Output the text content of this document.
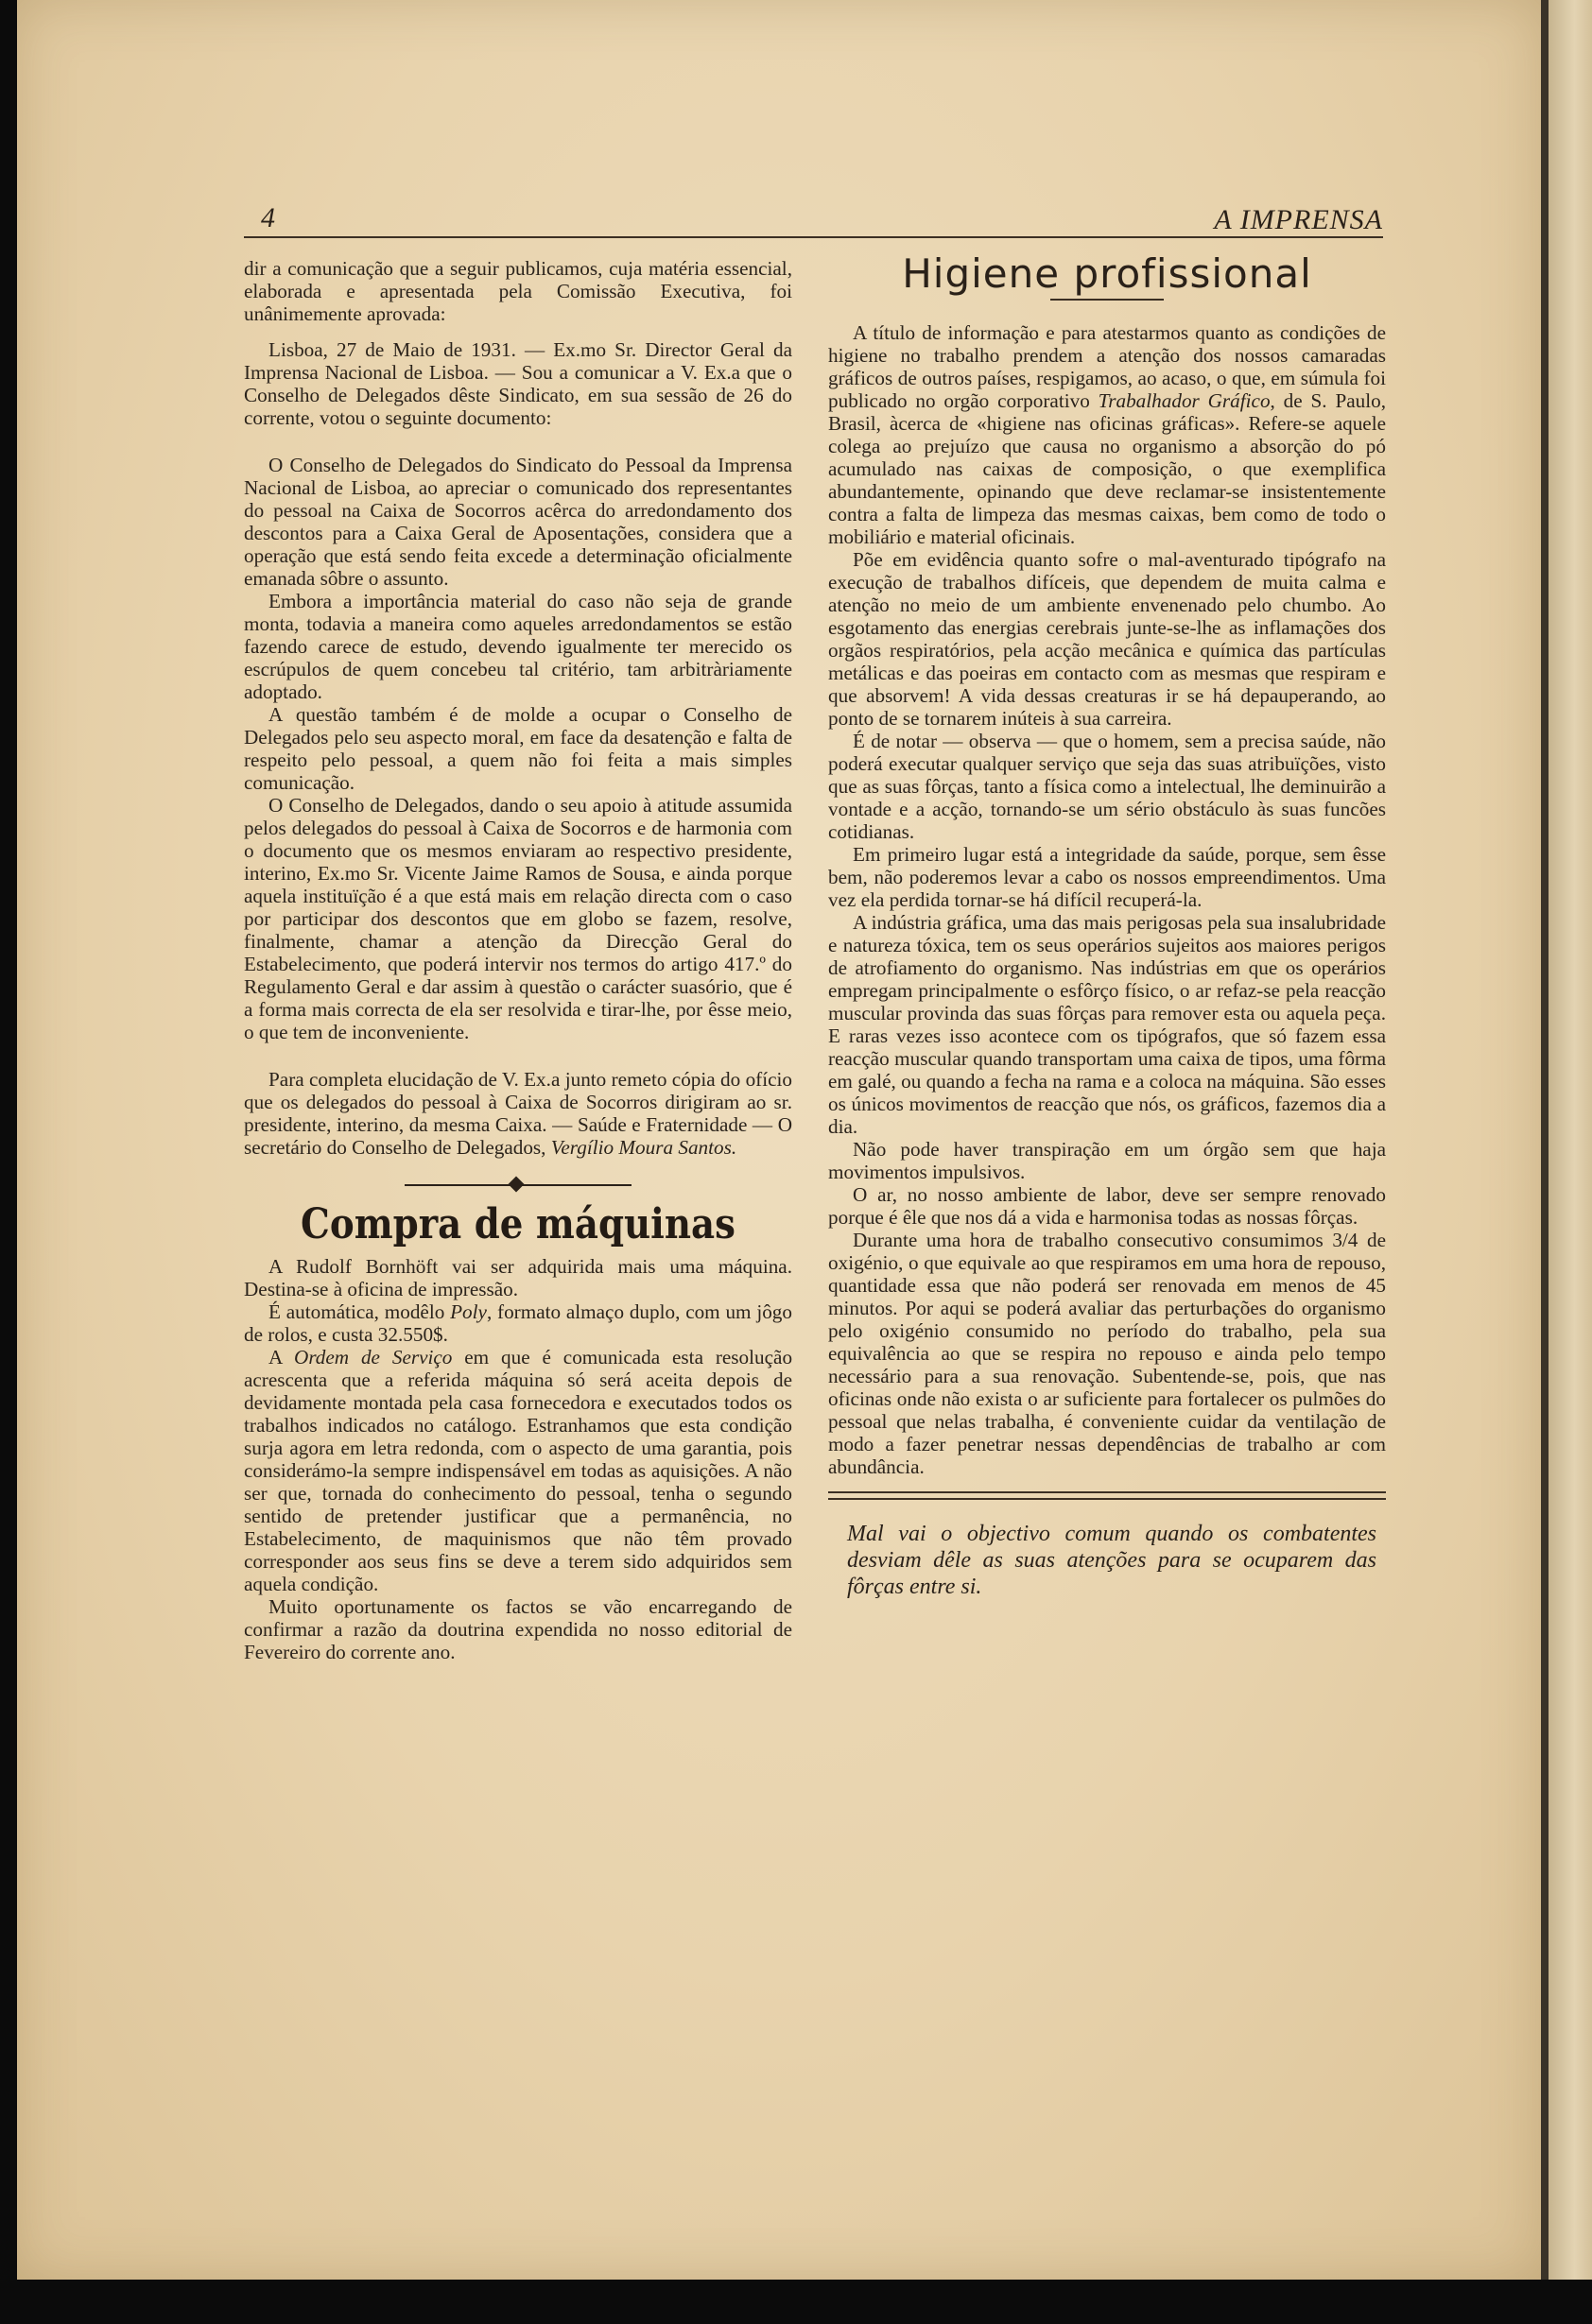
4	A IMPRENSA

dir a comunicação que a seguir publicamos, cuja matéria essencial, elaborada e apresentada pela Comissão Executiva, foi unânimemente aprovada:

Lisboa, 27 de Maio de 1931. — Ex.mo Sr. Director Geral da Imprensa Nacional de Lisboa. — Sou a comunicar a V. Ex.a que o Conselho de Delegados dêste Sindicato, em sua sessão de 26 do corrente, votou o seguinte documento:

O Conselho de Delegados do Sindicato do Pessoal da Imprensa Nacional de Lisboa, ao apreciar o comunicado dos representantes do pessoal na Caixa de Socorros acêrca do arredondamento dos descontos para a Caixa Geral de Aposentações, considera que a operação que está sendo feita excede a determinação oficialmente emanada sôbre o assunto.

Embora a importância material do caso não seja de grande monta, todavia a maneira como aqueles arredondamentos se estão fazendo carece de estudo, devendo igualmente ter merecido os escrúpulos de quem concebeu tal critério, tam arbitràriamente adoptado.

A questão também é de molde a ocupar o Conselho de Delegados pelo seu aspecto moral, em face da desatenção e falta de respeito pelo pessoal, a quem não foi feita a mais simples comunicação.

O Conselho de Delegados, dando o seu apoio à atitude assumida pelos delegados do pessoal à Caixa de Socorros e de harmonia com o documento que os mesmos enviaram ao respectivo presidente, interino, Ex.mo Sr. Vicente Jaime Ramos de Sousa, e ainda porque aquela instituïção é a que está mais em relação directa com o caso por participar dos descontos que em globo se fazem, resolve, finalmente, chamar a atenção da Direcção Geral do Estabelecimento, que poderá intervir nos termos do artigo 417.º do Regulamento Geral e dar assim à questão o carácter suasório, que é a forma mais correcta de ela ser resolvida e tirar-lhe, por êsse meio, o que tem de inconveniente.

Para completa elucidação de V. Ex.a junto remeto cópia do ofício que os delegados do pessoal à Caixa de Socorros dirigiram ao sr. presidente, interino, da mesma Caixa. — Saúde e Fraternidade — O secretário do Conselho de Delegados, Vergílio Moura Santos.

Compra de máquinas

A Rudolf Bornhöft vai ser adquirida mais uma máquina. Destina-se à oficina de impressão.

É automática, modêlo Poly, formato almaço duplo, com um jôgo de rolos, e custa 32.550$.

A Ordem de Serviço em que é comunicada esta resolução acrescenta que a referida máquina só será aceita depois de devidamente montada pela casa fornecedora e executados todos os trabalhos indicados no catálogo. Estranhamos que esta condição surja agora em letra redonda, com o aspecto de uma garantia, pois considerámo-la sempre indispensável em todas as aquisições. A não ser que, tornada do conhecimento do pessoal, tenha o segundo sentido de pretender justificar que a permanência, no Estabelecimento, de maquinismos que não têm provado corresponder aos seus fins se deve a terem sido adquiridos sem aquela condição.

Muito oportunamente os factos se vão encarregando de confirmar a razão da doutrina expendida no nosso editorial de Fevereiro do corrente ano.

Higiene profissional

A título de informação e para atestarmos quanto as condições de higiene no trabalho prendem a atenção dos nossos camaradas gráficos de outros países, respigamos, ao acaso, o que, em súmula foi publicado no orgão corporativo Trabalhador Gráfico, de S. Paulo, Brasil, àcerca de «higiene nas oficinas gráficas». Refere-se aquele colega ao prejuízo que causa no organismo a absorção do pó acumulado nas caixas de composição, o que exemplifica abundantemente, opinando que deve reclamar-se insistentemente contra a falta de limpeza das mesmas caixas, bem como de todo o mobiliário e material oficinais.

Põe em evidência quanto sofre o mal-aventurado tipógrafo na execução de trabalhos difíceis, que dependem de muita calma e atenção no meio de um ambiente envenenado pelo chumbo. Ao esgotamento das energias cerebrais junte-se-lhe as inflamações dos orgãos respiratórios, pela acção mecânica e química das partículas metálicas e das poeiras em contacto com as mesmas que respiram e que absorvem! A vida dessas creaturas ir se há depauperando, ao ponto de se tornarem inúteis à sua carreira.

É de notar — observa — que o homem, sem a precisa saúde, não poderá executar qualquer serviço que seja das suas atribuïções, visto que as suas fôrças, tanto a física como a intelectual, lhe deminuirão a vontade e a acção, tornando-se um sério obstáculo às suas funcões cotidianas.

Em primeiro lugar está a integridade da saúde, porque, sem êsse bem, não poderemos levar a cabo os nossos empreendimentos. Uma vez ela perdida tornar-se há difícil recuperá-la.

A indústria gráfica, uma das mais perigosas pela sua insalubridade e natureza tóxica, tem os seus operários sujeitos aos maiores perigos de atrofiamento do organismo. Nas indústrias em que os operários empregam principalmente o esfôrço físico, o ar refaz-se pela reacção muscular provinda das suas fôrças para remover esta ou aquela peça. E raras vezes isso acontece com os tipógrafos, que só fazem essa reacção muscular quando transportam uma caixa de tipos, uma fôrma em galé, ou quando a fecha na rama e a coloca na máquina. São esses os únicos movimentos de reacção que nós, os gráficos, fazemos dia a dia.

Não pode haver transpiração em um órgão sem que haja movimentos impulsivos.

O ar, no nosso ambiente de labor, deve ser sempre renovado porque é êle que nos dá a vida e harmonisa todas as nossas fôrças.

Durante uma hora de trabalho consecutivo consumimos 3/4 de oxigénio, o que equivale ao que respiramos em uma hora de repouso, quantidade essa que não poderá ser renovada em menos de 45 minutos. Por aqui se poderá avaliar das perturbações do organismo pelo oxigénio consumido no período do trabalho, pela sua equivalência ao que se respira no repouso e ainda pelo tempo necessário para a sua renovação. Subentende-se, pois, que nas oficinas onde não exista o ar suficiente para fortalecer os pulmões do pessoal que nelas trabalha, é conveniente cuidar da ventilação de modo a fazer penetrar nessas dependências de trabalho ar com abundância.

Mal vai o objectivo comum quando os combatentes desviam dêle as suas atenções para se ocuparem das fôrças entre si.
